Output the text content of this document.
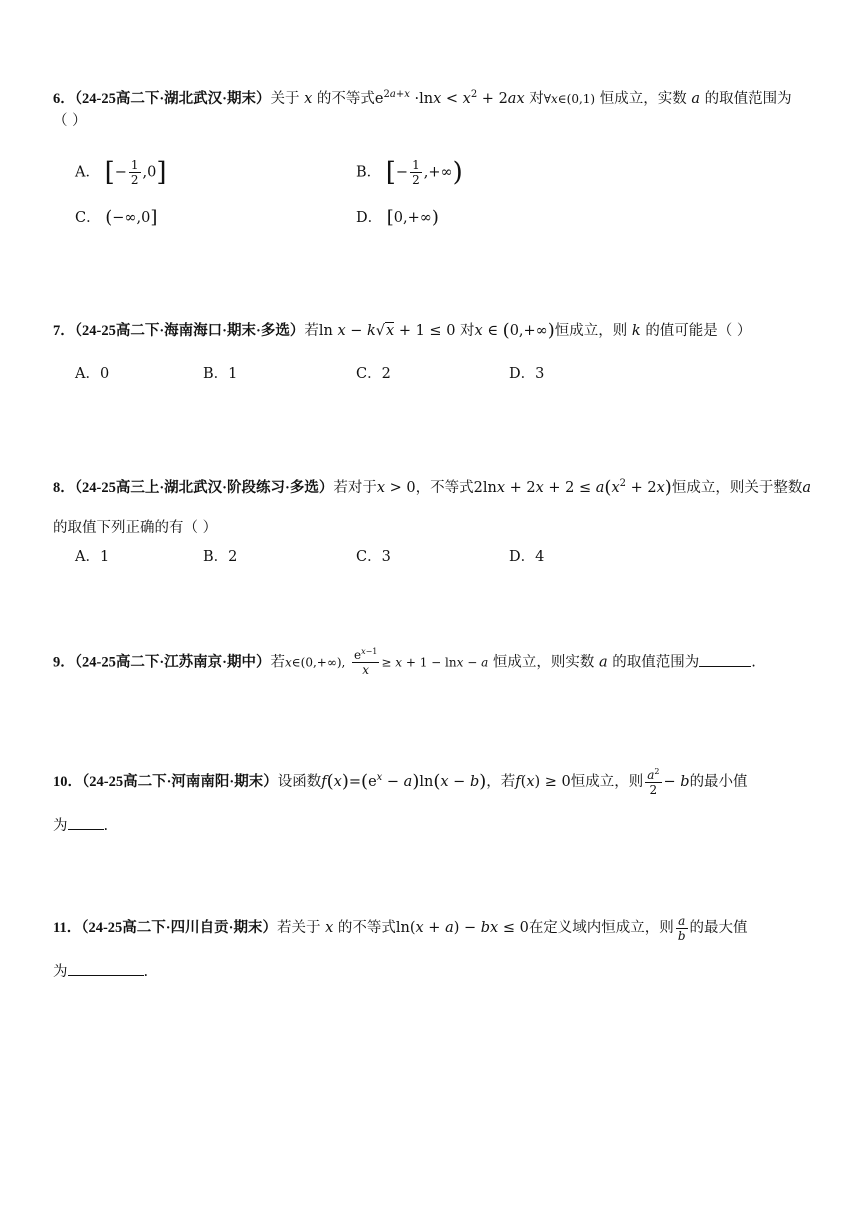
6．（24-25高二下·湖北武汉·期末）关于 x 的不等式$e^{2a+x} \cdot\ln x < x^2 + 2ax$ 对∀x∈(0,1) 恒成立，实数 a 的取值范围为
（ ）
A． [− $\frac{1}{2} ,0$]	B． [− $\frac{1}{2}$ ,+∞)
C． (−∞,0]	D． [0,+∞)
7．（24-25高二下·海南海口·期末·多选）若ln x − k√x + 1 ≤ 0 对x ∈ (0,+∞)恒成立，则 k 的值可能是（ ）
A．0	B．1	C．2	D．3
8．（24-25高三上·湖北武汉·阶段练习·多选）若对于x > 0，不等式$2\ln x + 2x + 2 \le a(x^2 + 2x)$恒成立，则关于整数a
的取值下列正确的有（ ）
A．1	B．2	C．3	D．4
9．（24-25高二下·江苏南京·期中）若x∈(0,+∞), $\frac{e^{x-1}}{x} \ge x + 1 - \ln x - a$ 恒成立，则实数 a 的取值范围为	.
10．（24-25高二下·河南南阳·期末）设函数$f(x)=(e^x - a)\ln(x - b)$，若f(x) ≥ 0恒成立，则 $\frac{a^2}{2} - b$的最小值
为 .
11．（24-25高二下·四川自贡·期末）若关于 x 的不等式ln(x + a) − bx ≤ 0在定义域内恒成立，则 $\frac{a}{b}$ 的最大值
为	.
